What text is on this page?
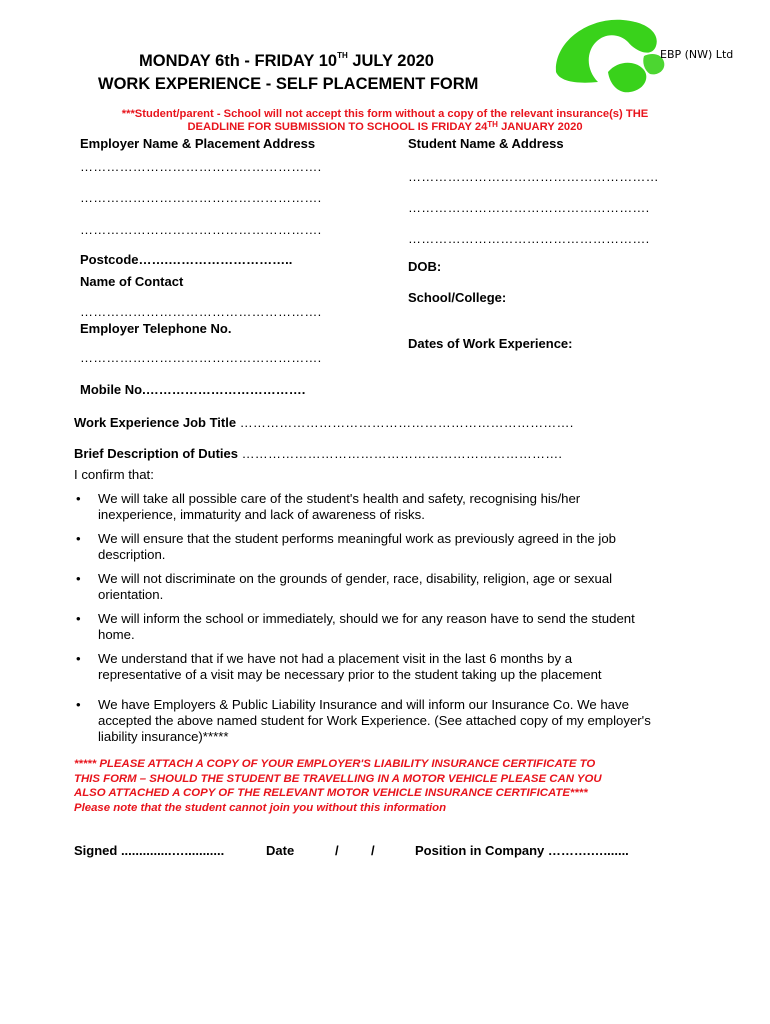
EBP (NW) Ltd
MONDAY 6th - FRIDAY 10TH JULY 2020
WORK EXPERIENCE - SELF PLACEMENT FORM
***Student/parent - School will not accept this form without a copy of the relevant insurance(s) THE
DEADLINE FOR SUBMISSION TO SCHOOL IS FRIDAY 24TH JANUARY 2020
Employer Name & Placement Address
……………………………………………….
……………………………………………….
……………………………………………….
Postcode…….………………………..
Name of Contact
……………………………………………….
Employer Telephone No.
……………………………………………….
Mobile No.……………………………….
Student Name & Address
…………………………………………………
……………………………………………….
……………………………………………….
DOB:
School/College:
Dates of Work Experience:
Work Experience Job Title ………………………………………………………………….
Brief Description of Duties ……………………………………………………………….
I confirm that:
• We will take all possible care of the student's health and safety, recognising his/her
inexperience, immaturity and lack of awareness of risks.
• We will ensure that the student performs meaningful work as previously agreed in the job
description.
• We will not discriminate on the grounds of gender, race, disability, religion, age or sexual
orientation.
• We will inform the school or immediately, should we for any reason have to send the student
home.
• We understand that if we have not had a placement visit in the last 6 months by a
representative of a visit may be necessary prior to the student taking up the placement
• We have Employers & Public Liability Insurance and will inform our Insurance Co. We have
accepted the above named student for Work Experience. (See attached copy of my employer's
liability insurance)*****
***** PLEASE ATTACH A COPY OF YOUR EMPLOYER'S LIABILITY INSURANCE CERTIFICATE TO
THIS FORM – SHOULD THE STUDENT BE TRAVELLING IN A MOTOR VEHICLE PLEASE CAN YOU
ALSO ATTACHED A COPY OF THE RELEVANT MOTOR VEHICLE INSURANCE CERTIFICATE****
Please note that the student cannot join you without this information
Signed ..............…...........	Date	/ /	Position in Company ……….….......
